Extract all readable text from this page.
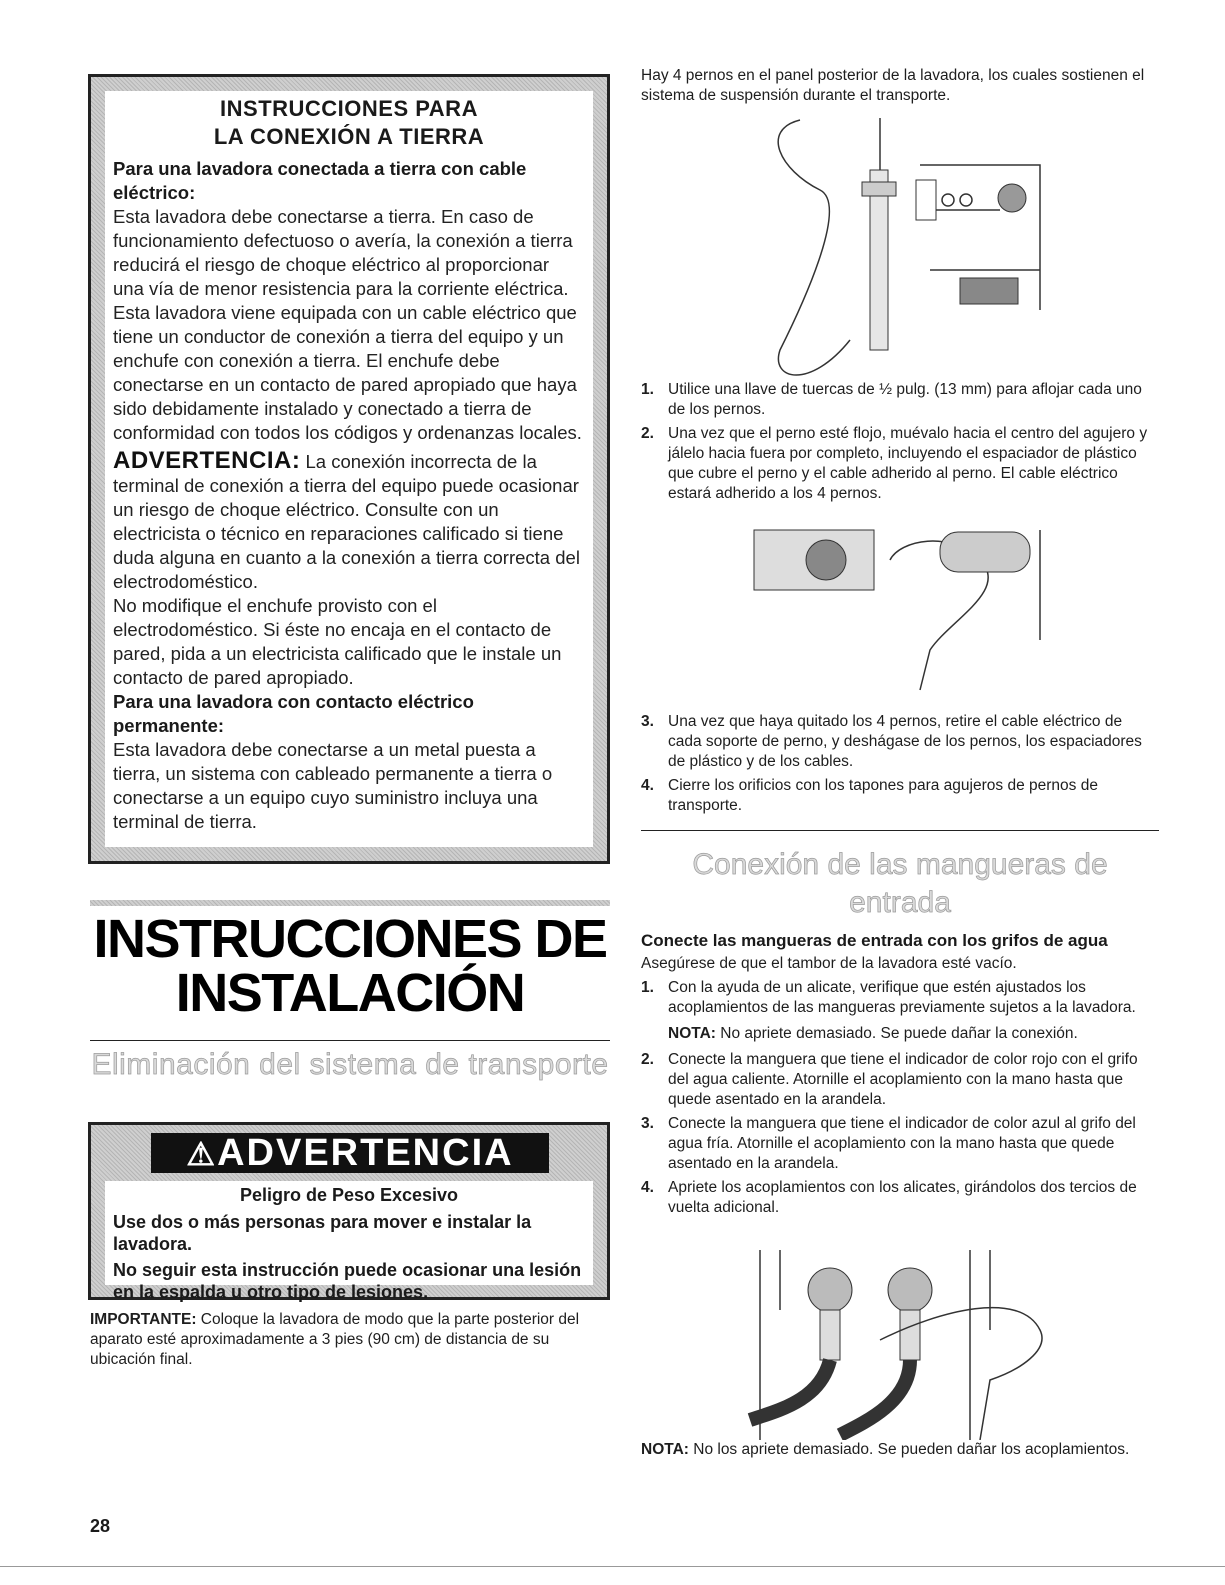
INSTRUCCIONES PARA
LA CONEXIÓN A TIERRA
Para una lavadora conectada a tierra con cable eléctrico:
Esta lavadora debe conectarse a tierra. En caso de funcionamiento defectuoso o avería, la conexión a tierra reducirá el riesgo de choque eléctrico al proporcionar una vía de menor resistencia para la corriente eléctrica. Esta lavadora viene equipada con un cable eléctrico que tiene un conductor de conexión a tierra del equipo y un enchufe con conexión a tierra. El enchufe debe conectarse en un contacto de pared apropiado que haya sido debidamente instalado y conectado a tierra de conformidad con todos los códigos y ordenanzas locales.
ADVERTENCIA: La conexión incorrecta de la terminal de conexión a tierra del equipo puede ocasionar un riesgo de choque eléctrico. Consulte con un electricista o técnico en reparaciones calificado si tiene duda alguna en cuanto a la conexión a tierra correcta del electrodoméstico.
No modifique el enchufe provisto con el electrodoméstico. Si éste no encaja en el contacto de pared, pida a un electricista calificado que le instale un contacto de pared apropiado.
Para una lavadora con contacto eléctrico permanente:
Esta lavadora debe conectarse a un metal puesta a tierra, un sistema con cableado permanente a tierra o conectarse a un equipo cuyo suministro incluya una terminal de tierra.
INSTRUCCIONES DE
INSTALACIÓN
Eliminación del sistema de transporte
⚠ADVERTENCIA
Peligro de Peso Excesivo
Use dos o más personas para mover e instalar la lavadora.
No seguir esta instrucción puede ocasionar una lesión en la espalda u otro tipo de lesiones.
IMPORTANTE: Coloque la lavadora de modo que la parte posterior del aparato esté aproximadamente a 3 pies (90 cm) de distancia de su ubicación final.
28
Hay 4 pernos en el panel posterior de la lavadora, los cuales sostienen el sistema de suspensión durante el transporte.
1. Utilice una llave de tuercas de ½ pulg. (13 mm) para aflojar cada uno de los pernos.
2. Una vez que el perno esté flojo, muévalo hacia el centro del agujero y jálelo hacia fuera por completo, incluyendo el espaciador de plástico que cubre el perno y el cable adherido al perno. El cable eléctrico estará adherido a los 4 pernos.
3. Una vez que haya quitado los 4 pernos, retire el cable eléctrico de cada soporte de perno, y deshágase de los pernos, los espaciadores de plástico y de los cables.
4. Cierre los orificios con los tapones para agujeros de pernos de transporte.
Conexión de las mangueras de entrada
Conecte las mangueras de entrada con los grifos de agua
Asegúrese de que el tambor de la lavadora esté vacío.
1. Con la ayuda de un alicate, verifique que estén ajustados los acoplamientos de las mangueras previamente sujetos a la lavadora.
NOTA: No apriete demasiado. Se puede dañar la conexión.
2. Conecte la manguera que tiene el indicador de color rojo con el grifo del agua caliente. Atornille el acoplamiento con la mano hasta que quede asentado en la arandela.
3. Conecte la manguera que tiene el indicador de color azul al grifo del agua fría. Atornille el acoplamiento con la mano hasta que quede asentado en la arandela.
4. Apriete los acoplamientos con los alicates, girándolos dos tercios de vuelta adicional.
NOTA: No los apriete demasiado. Se pueden dañar los acoplamientos.
